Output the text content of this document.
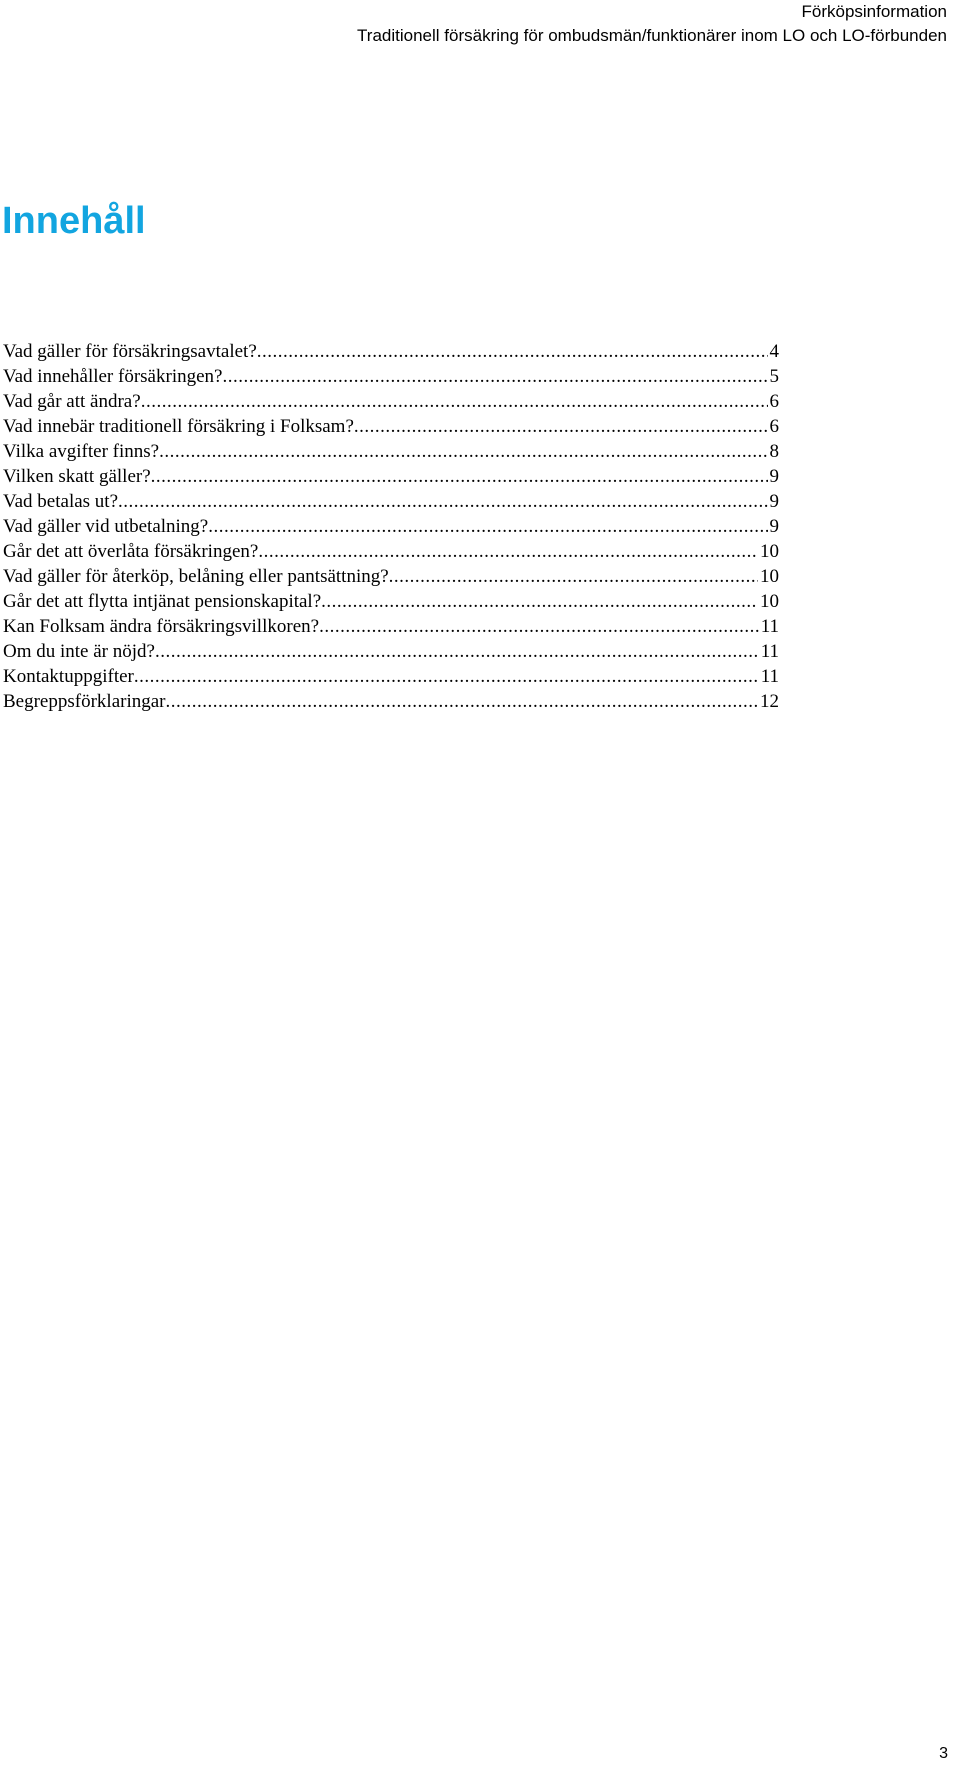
Förköpsinformation
Traditionell försäkring för ombudsmän/funktionärer inom LO och LO-förbunden
Innehåll
Vad gäller för försäkringsavtalet? .....	4
Vad innehåller försäkringen? .....	5
Vad går att ändra? .....	6
Vad innebär traditionell försäkring i Folksam? .....	6
Vilka avgifter finns? .....	8
Vilken skatt gäller? .....	9
Vad betalas ut? .....	9
Vad gäller vid utbetalning? .....	9
Går det att överlåta försäkringen? .....	10
Vad gäller för återköp, belåning eller pantsättning? .....	10
Går det att flytta intjänat pensionskapital? .....	10
Kan Folksam ändra försäkringsvillkoren? .....	11
Om du inte är nöjd? .....	11
Kontaktuppgifter .....	11
Begreppsförklaringar .....	12
3
